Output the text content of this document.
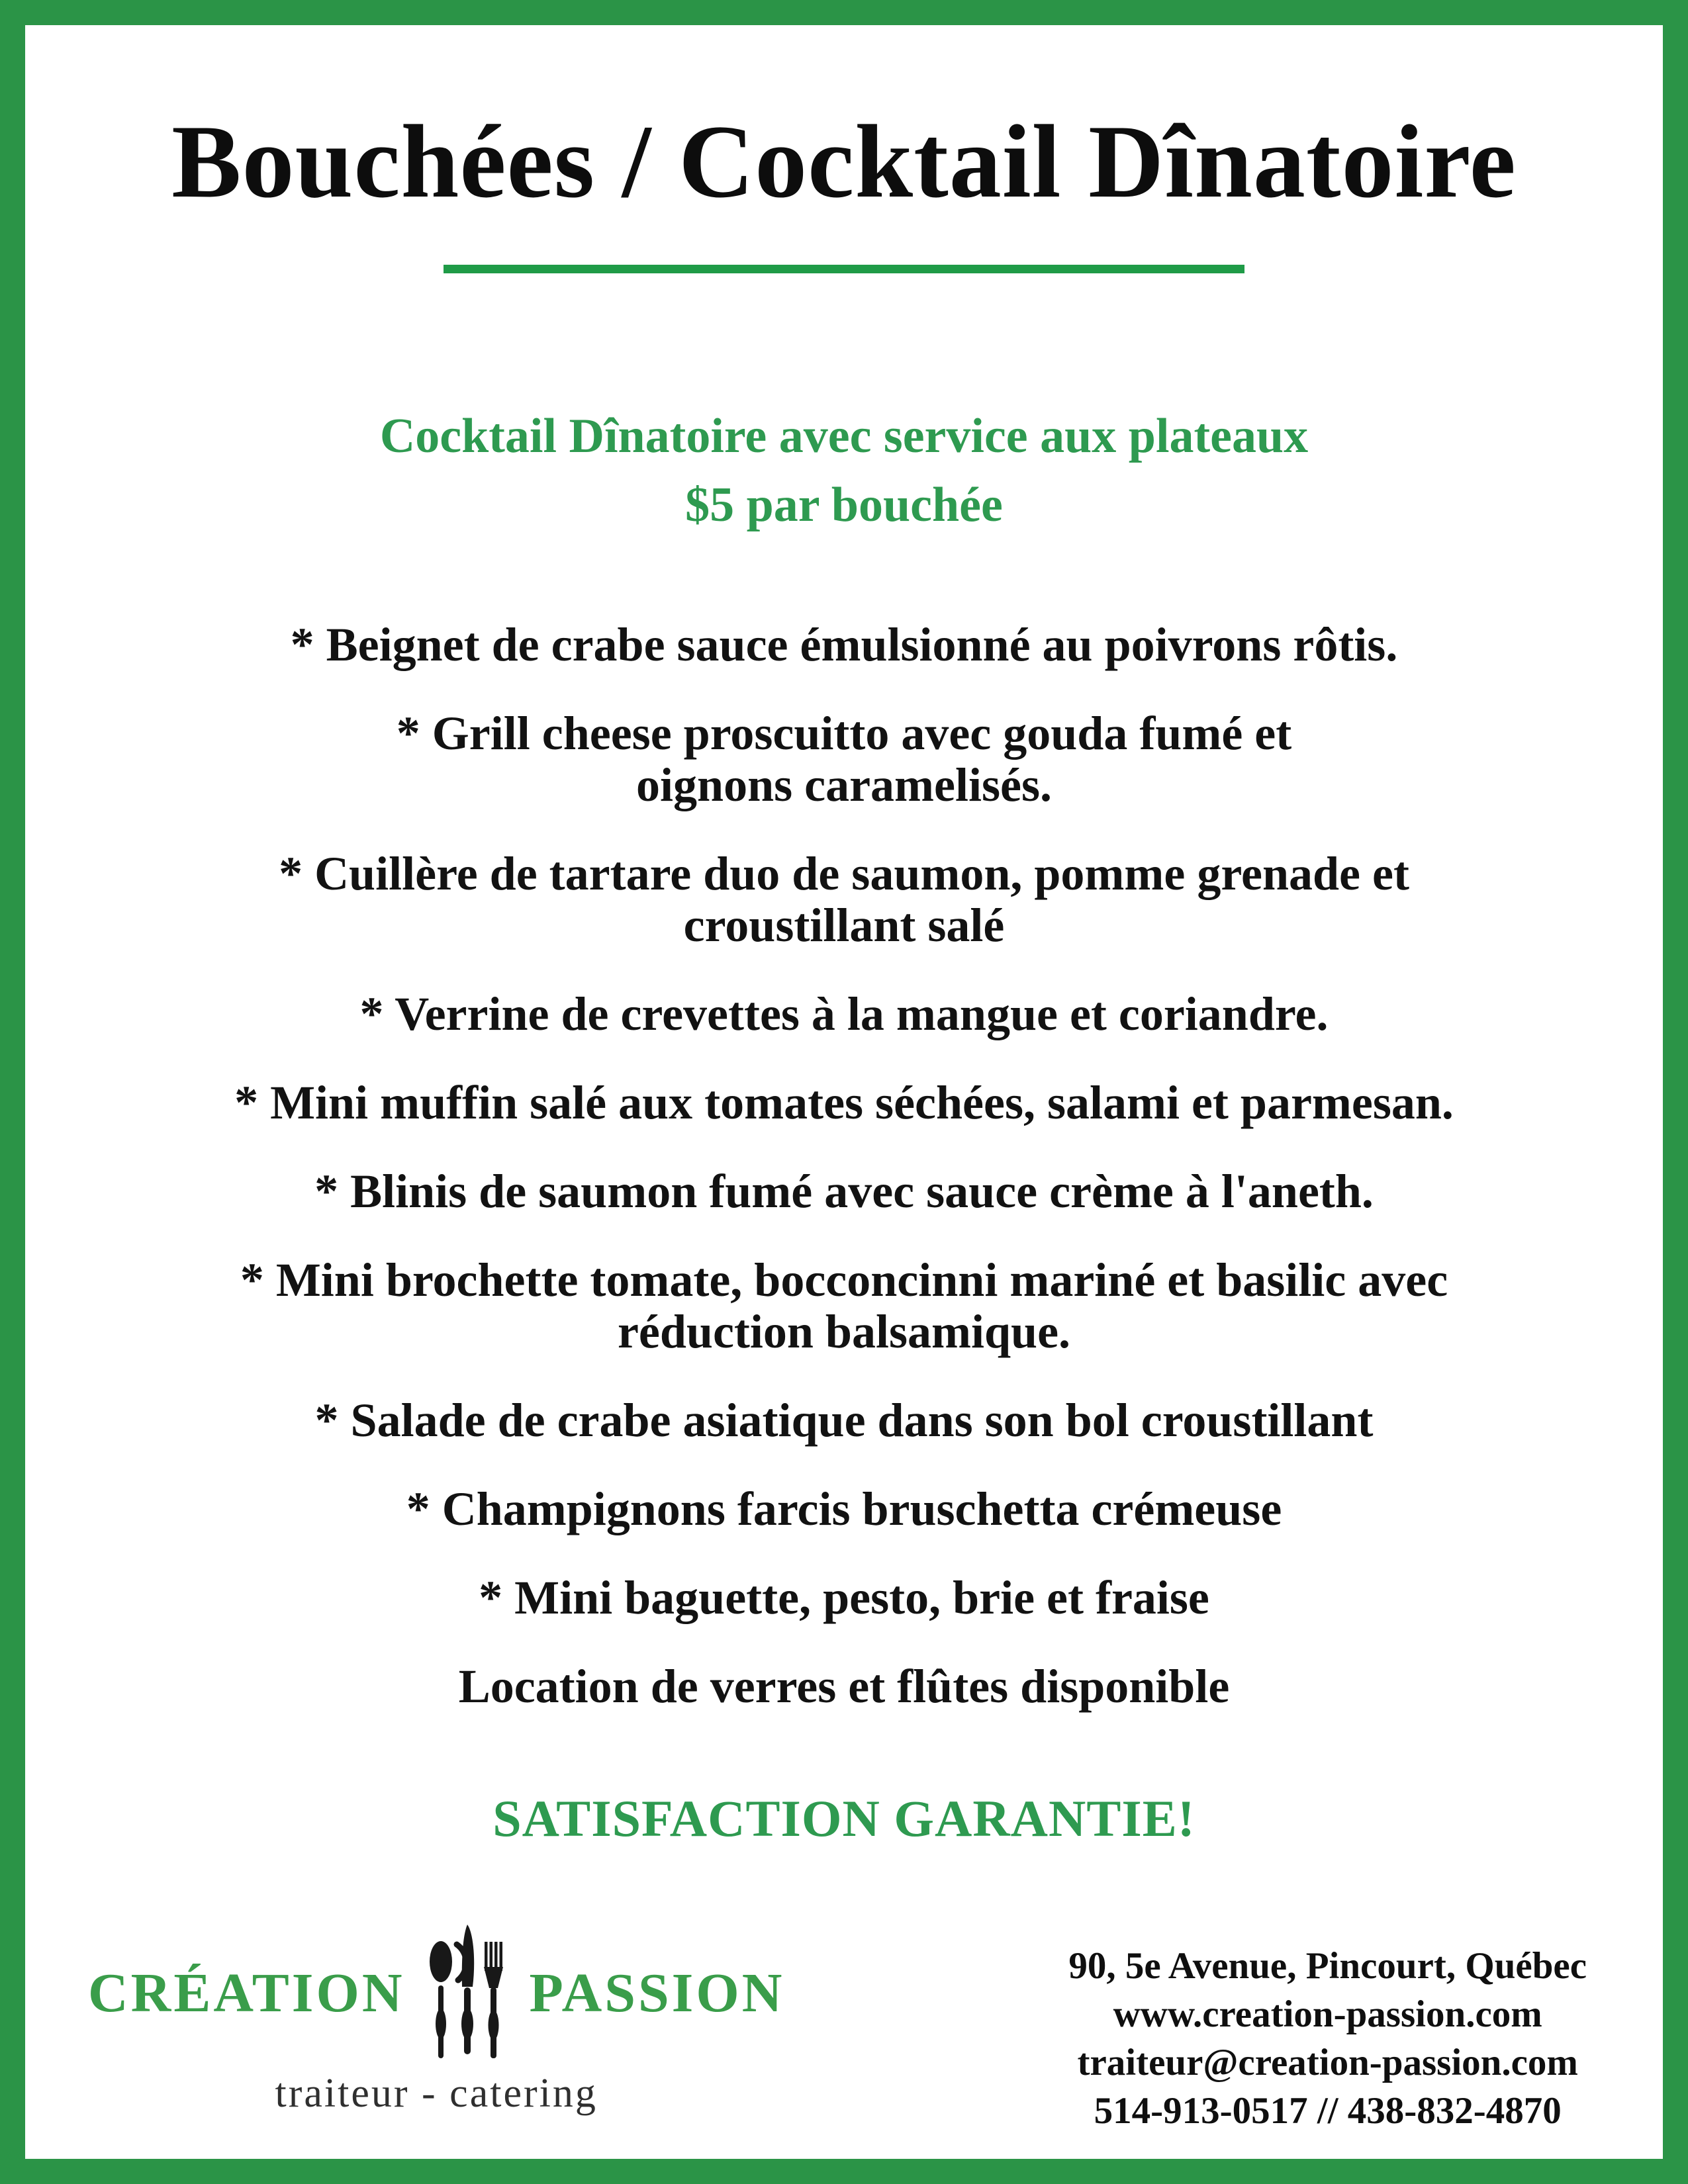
Bouchées / Cocktail Dînatoire
Cocktail Dînatoire avec service aux plateaux
$5 par bouchée
* Beignet de crabe sauce émulsionné au poivrons rôtis.
* Grill cheese proscuitto avec gouda fumé et
oignons caramelisés.
* Cuillère de tartare duo de saumon, pomme grenade et
croustillant salé
* Verrine de crevettes à la mangue et coriandre.
* Mini muffin salé aux tomates séchées, salami et parmesan.
* Blinis de saumon fumé avec sauce crème à l'aneth.
* Mini brochette tomate, bocconcinni mariné et basilic avec
réduction balsamique.
* Salade de crabe asiatique dans son bol croustillant
* Champignons farcis bruschetta crémeuse
* Mini baguette, pesto, brie et fraise
Location de verres et flûtes disponible
SATISFACTION GARANTIE!
CRÉATION PASSION
traiteur - catering
90, 5e Avenue, Pincourt, Québec
www.creation-passion.com
traiteur@creation-passion.com
514-913-0517 // 438-832-4870
